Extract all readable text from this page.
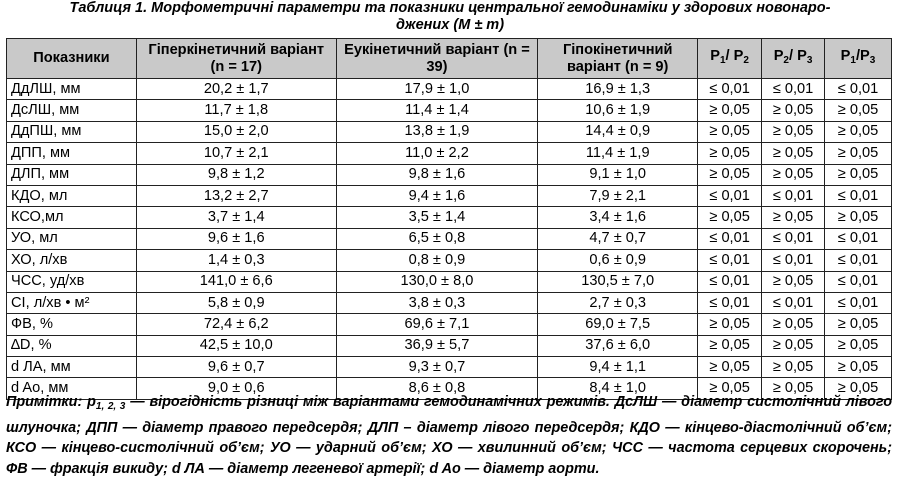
Таблиця 1. Морфометричні параметри та показники центральної гемодинаміки у здорових новонаро-
джених (M ± m)
Показники	Гіперкінетичний варіант (n = 17)	Еукінетичний варіант (n = 39)	Гіпокінетичний варіант (n = 9)	$P_1/$ $P_2$	$P_2/$ $P_3$	$P_1/P_3$
ДдЛШ, мм	20,2 ± 1,7	17,9 ± 1,0	16,9 ± 1,3	≤ 0,01	≤ 0,01	≤ 0,01
ДсЛШ, мм	11,7 ± 1,8	11,4 ± 1,4	10,6 ± 1,9	≥ 0,05	≥ 0,05	≥ 0,05
ДдПШ, мм	15,0 ± 2,0	13,8 ± 1,9	14,4 ± 0,9	≥ 0,05	≥ 0,05	≥ 0,05
ДПП, мм	10,7 ± 2,1	11,0 ± 2,2	11,4 ± 1,9	≥ 0,05	≥ 0,05	≥ 0,05
ДЛП, мм	9,8 ± 1,2	9,8 ± 1,6	9,1 ± 1,0	≥ 0,05	≥ 0,05	≥ 0,05
КДО, мл	13,2 ± 2,7	9,4 ± 1,6	7,9 ± 2,1	≤ 0,01	≤ 0,01	≤ 0,01
КСО,мл	3,7 ± 1,4	3,5 ± 1,4	3,4 ± 1,6	≥ 0,05	≥ 0,05	≥ 0,05
УО, мл	9,6 ± 1,6	6,5 ± 0,8	4,7 ± 0,7	≤ 0,01	≤ 0,01	≤ 0,01
ХО, л/хв	1,4 ± 0,3	0,8 ± 0,9	0,6 ± 0,9	≤ 0,01	≤ 0,01	≤ 0,01
ЧСС, уд/хв	141,0 ± 6,6	130,0 ± 8,0	130,5 ± 7,0	≤ 0,01	≥ 0,05	≤ 0,01
CI, л/хв • м²	5,8 ± 0,9	3,8 ± 0,3	2,7 ± 0,3	≤ 0,01	≤ 0,01	≤ 0,01
ФВ, %	72,4 ± 6,2	69,6 ± 7,1	69,0 ± 7,5	≥ 0,05	≥ 0,05	≥ 0,05
∆D, %	42,5 ± 10,0	36,9 ± 5,7	37,6 ± 6,0	≥ 0,05	≥ 0,05	≥ 0,05
d ЛА, мм	9,6 ± 0,7	9,3 ± 0,7	9,4 ± 1,1	≥ 0,05	≥ 0,05	≥ 0,05
d Ao, мм	9,0 ± 0,6	8,6 ± 0,8	8,4 ± 1,0	≥ 0,05	≥ 0,05	≥ 0,05
Примітки: $р_{1, 2, 3}$ — вірогідність різниці між варіантами гемодинамічних режимів. ДсЛШ — діаметр систолічний лівого шлуночка; ДПП — діаметр правого передсердя; ДЛП – діаметр лівого передсердя; КДО — кінцево-діастолічний об’єм; КСО — кінцево-систолічний об’єм; УО — ударний об’єм; ХО — хвилинний об’єм; ЧСС — частота серцевих скорочень; ФВ — фракція викиду; d ЛА — діаметр легеневої артерії; d Ao — діаметр аорти.
